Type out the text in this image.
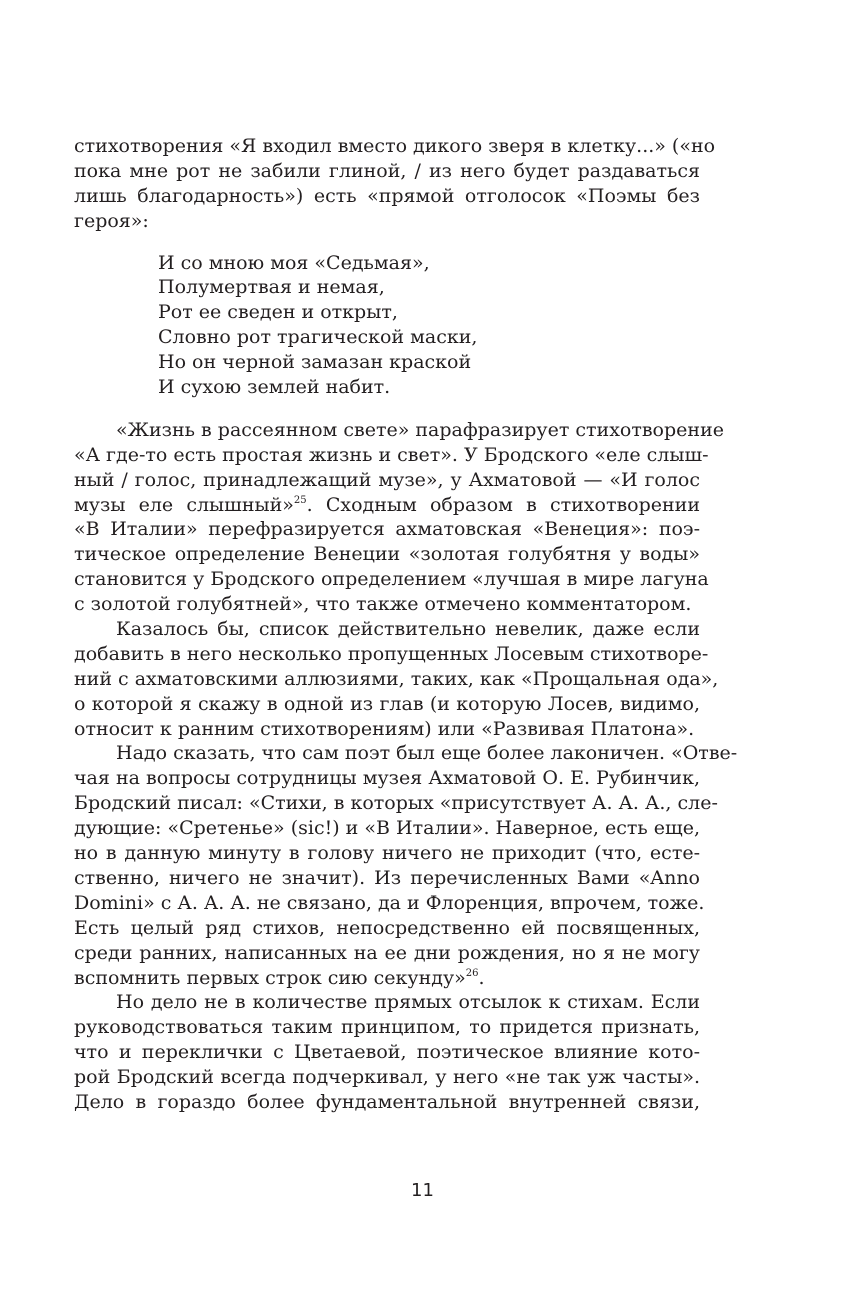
стихотворения «Я входил вместо дикого зверя в клетку...» («но
пока мне рот не забили глиной, / из него будет раздаваться
лишь благодарность») есть «прямой отголосок «Поэмы без
героя»:
И со мною моя «Седьмая»,
Полумертвая и немая,
Рот ее сведен и открыт,
Словно рот трагической маски,
Но он черной замазан краской
И сухою землей набит.
«Жизнь в рассеянном свете» парафразирует стихотворение
«А где-то есть простая жизнь и свет». У Бродского «еле слыш-
ный / голос, принадлежащий музе», у Ахматовой — «И голос
музы еле слышный»$^{25}$. Сходным образом в стихотворении
«В Италии» перефразируется ахматовская «Венеция»: поэ-
тическое определение Венеции «золотая голубятня у воды»
становится у Бродского определением «лучшая в мире лагуна
с золотой голубятней», что также отмечено комментатором.
Казалось бы, список действительно невелик, даже если
добавить в него несколько пропущенных Лосевым стихотворе-
ний с ахматовскими аллюзиями, таких, как «Прощальная ода»,
о которой я скажу в одной из глав (и которую Лосев, видимо,
относит к ранним стихотворениям) или «Развивая Платона».
Надо сказать, что сам поэт был еще более лаконичен. «Отве-
чая на вопросы сотрудницы музея Ахматовой О. Е. Рубинчик,
Бродский писал: «Стихи, в которых «присутствует А. А. А., сле-
дующие: «Сретенье» (sic!) и «В Италии». Наверное, есть еще,
но в данную минуту в голову ничего не приходит (что, есте-
ственно, ничего не значит). Из перечисленных Вами «Anno
Domini» с А. А. А. не связано, да и Флоренция, впрочем, тоже.
Есть целый ряд стихов, непосредственно ей посвященных,
среди ранних, написанных на ее дни рождения, но я не могу
вспомнить первых строк сию секунду»$^{26}$.
Но дело не в количестве прямых отсылок к стихам. Если
руководствоваться таким принципом, то придется признать,
что и переклички с Цветаевой, поэтическое влияние кото-
рой Бродский всегда подчеркивал, у него «не так уж часты».
Дело в гораздо более фундаментальной внутренней связи,
11
